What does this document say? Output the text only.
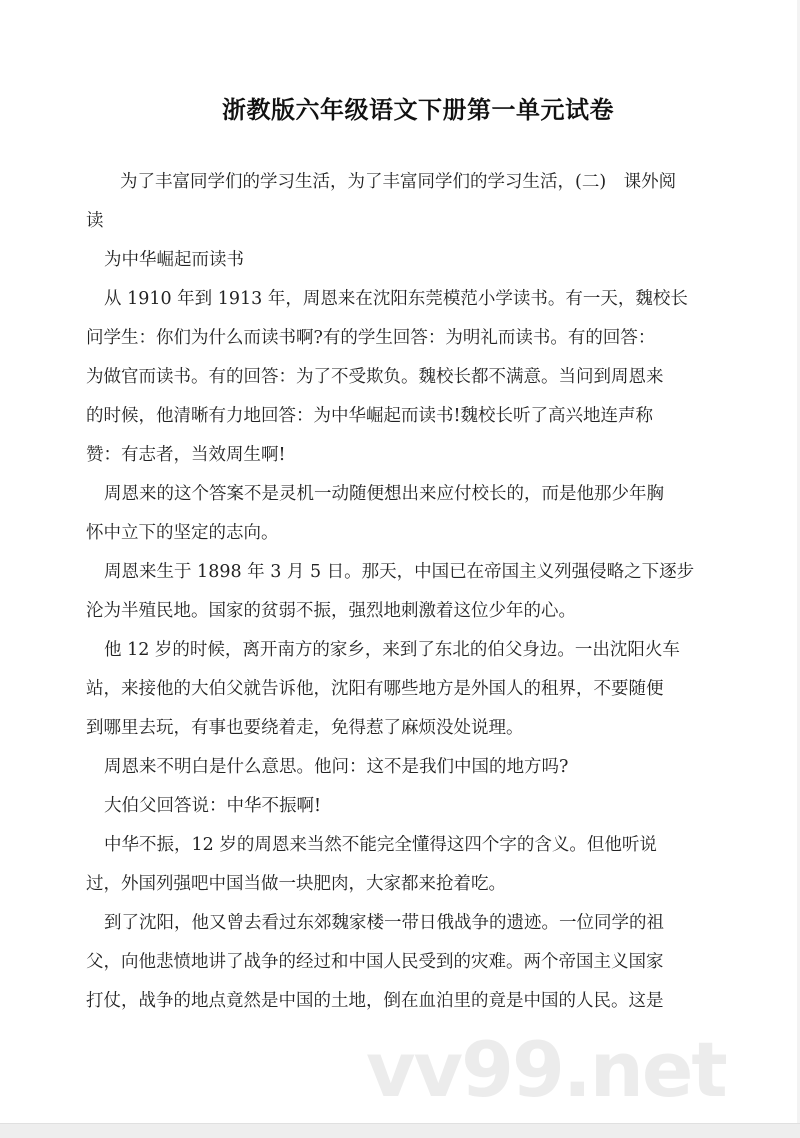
浙教版六年级语文下册第一单元试卷
为了丰富同学们的学习生活，为了丰富同学们的学习生活，(二)　课外阅
读
为中华崛起而读书
从 1910 年到 1913 年，周恩来在沈阳东莞模范小学读书。有一天，魏校长
问学生：你们为什么而读书啊?有的学生回答：为明礼而读书。有的回答：
为做官而读书。有的回答：为了不受欺负。魏校长都不满意。当问到周恩来
的时候，他清晰有力地回答：为中华崛起而读书!魏校长听了高兴地连声称
赞：有志者，当效周生啊!
周恩来的这个答案不是灵机一动随便想出来应付校长的，而是他那少年胸
怀中立下的坚定的志向。
周恩来生于 1898 年 3 月 5 日。那天，中国已在帝国主义列强侵略之下逐步
沦为半殖民地。国家的贫弱不振，强烈地刺激着这位少年的心。
他 12 岁的时候，离开南方的家乡，来到了东北的伯父身边。一出沈阳火车
站，来接他的大伯父就告诉他，沈阳有哪些地方是外国人的租界，不要随便
到哪里去玩，有事也要绕着走，免得惹了麻烦没处说理。
周恩来不明白是什么意思。他问：这不是我们中国的地方吗?
大伯父回答说：中华不振啊!
中华不振，12 岁的周恩来当然不能完全懂得这四个字的含义。但他听说
过，外国列强吧中国当做一块肥肉，大家都来抢着吃。
到了沈阳，他又曾去看过东郊魏家楼一带日俄战争的遗迹。一位同学的祖
父，向他悲愤地讲了战争的经过和中国人民受到的灾难。两个帝国主义国家
打仗，战争的地点竟然是中国的土地，倒在血泊里的竟是中国的人民。这是
vv99.net
